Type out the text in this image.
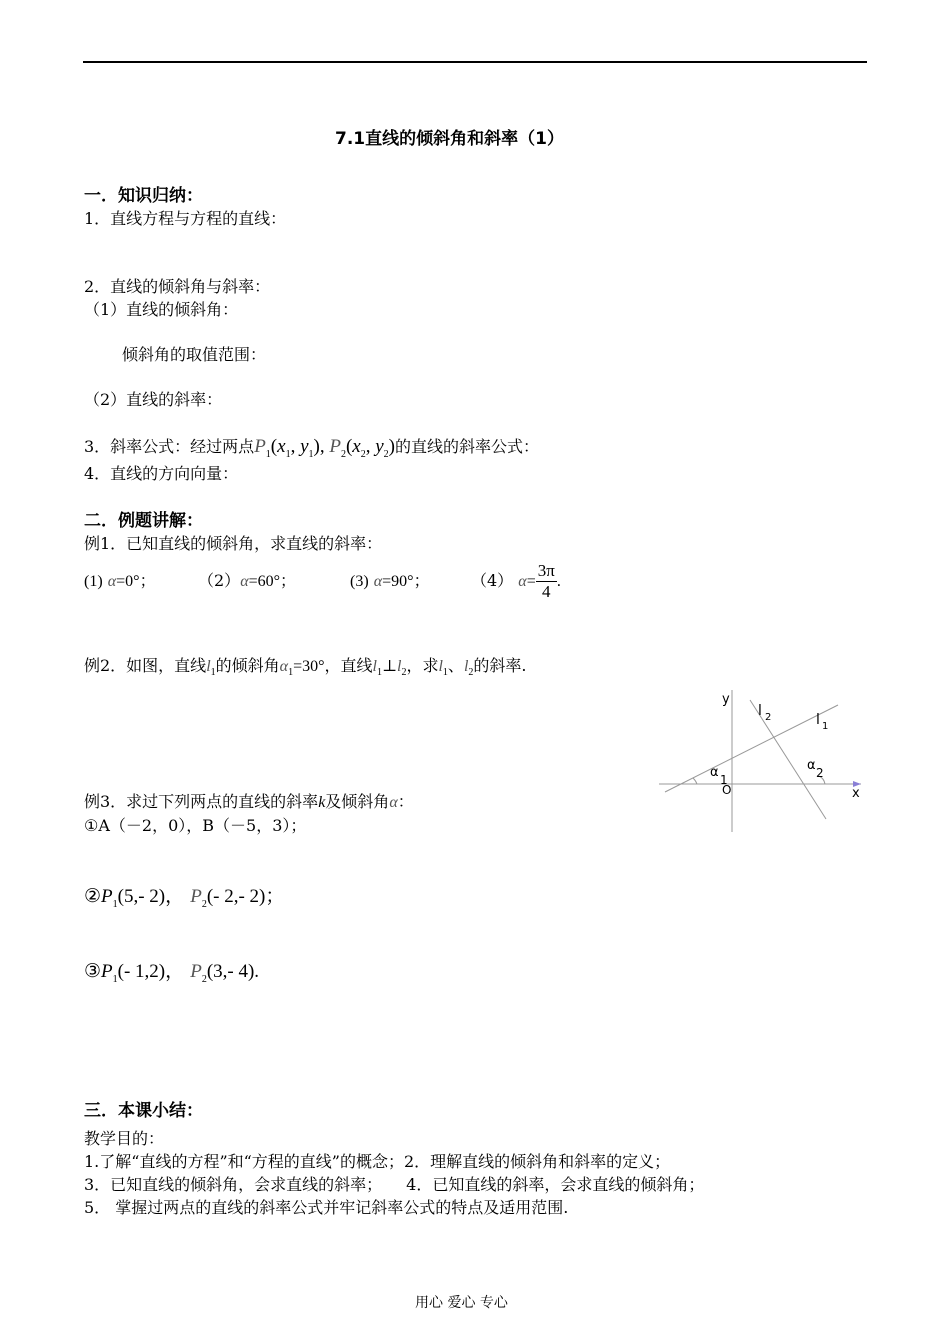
7.1直线的倾斜角和斜率（1）
一．知识归纳：
1．直线方程与方程的直线：
2．直线的倾斜角与斜率：
（1）直线的倾斜角：
倾斜角的取值范围：
（2）直线的斜率：
3．斜率公式：经过两点$P_1(x_1$, $y_1$), $P_2(x_2$, $y_2$)的直线的斜率公式：
4．直线的方向向量：
二．例题讲解：
例1．已知直线的倾斜角，求直线的斜率：
(1) α=0°；	（2）α=60°；	(3) α=90°；	（4） $\alpha= \frac{3\pi}{4}$ .
例2．如图，直线$l_1$的倾斜角$\alpha_1=30^\circ$，直线$l_1\perp l_2$，求$l_1$、$l_2$的斜率.
y
x
O
l 2	l 1
α 1
α 2
例3．求过下列两点的直线的斜率k及倾斜角α：
①A（－2，0），B（－5，3）；
$②P_1(5,-$ 2)， $P_2(-$ 2,- 2)；
$③P_1(-$ 1,2)， $P_2(3,-$ 4).
三．本课小结：
教学目的：
1.了解“直线的方程”和“方程的直线”的概念；2．理解直线的倾斜角和斜率的定义；
3．已知直线的倾斜角，会求直线的斜率；　　4．已知直线的斜率，会求直线的倾斜角；
5． 掌握过两点的直线的斜率公式并牢记斜率公式的特点及适用范围.
用心 爱心 专心
